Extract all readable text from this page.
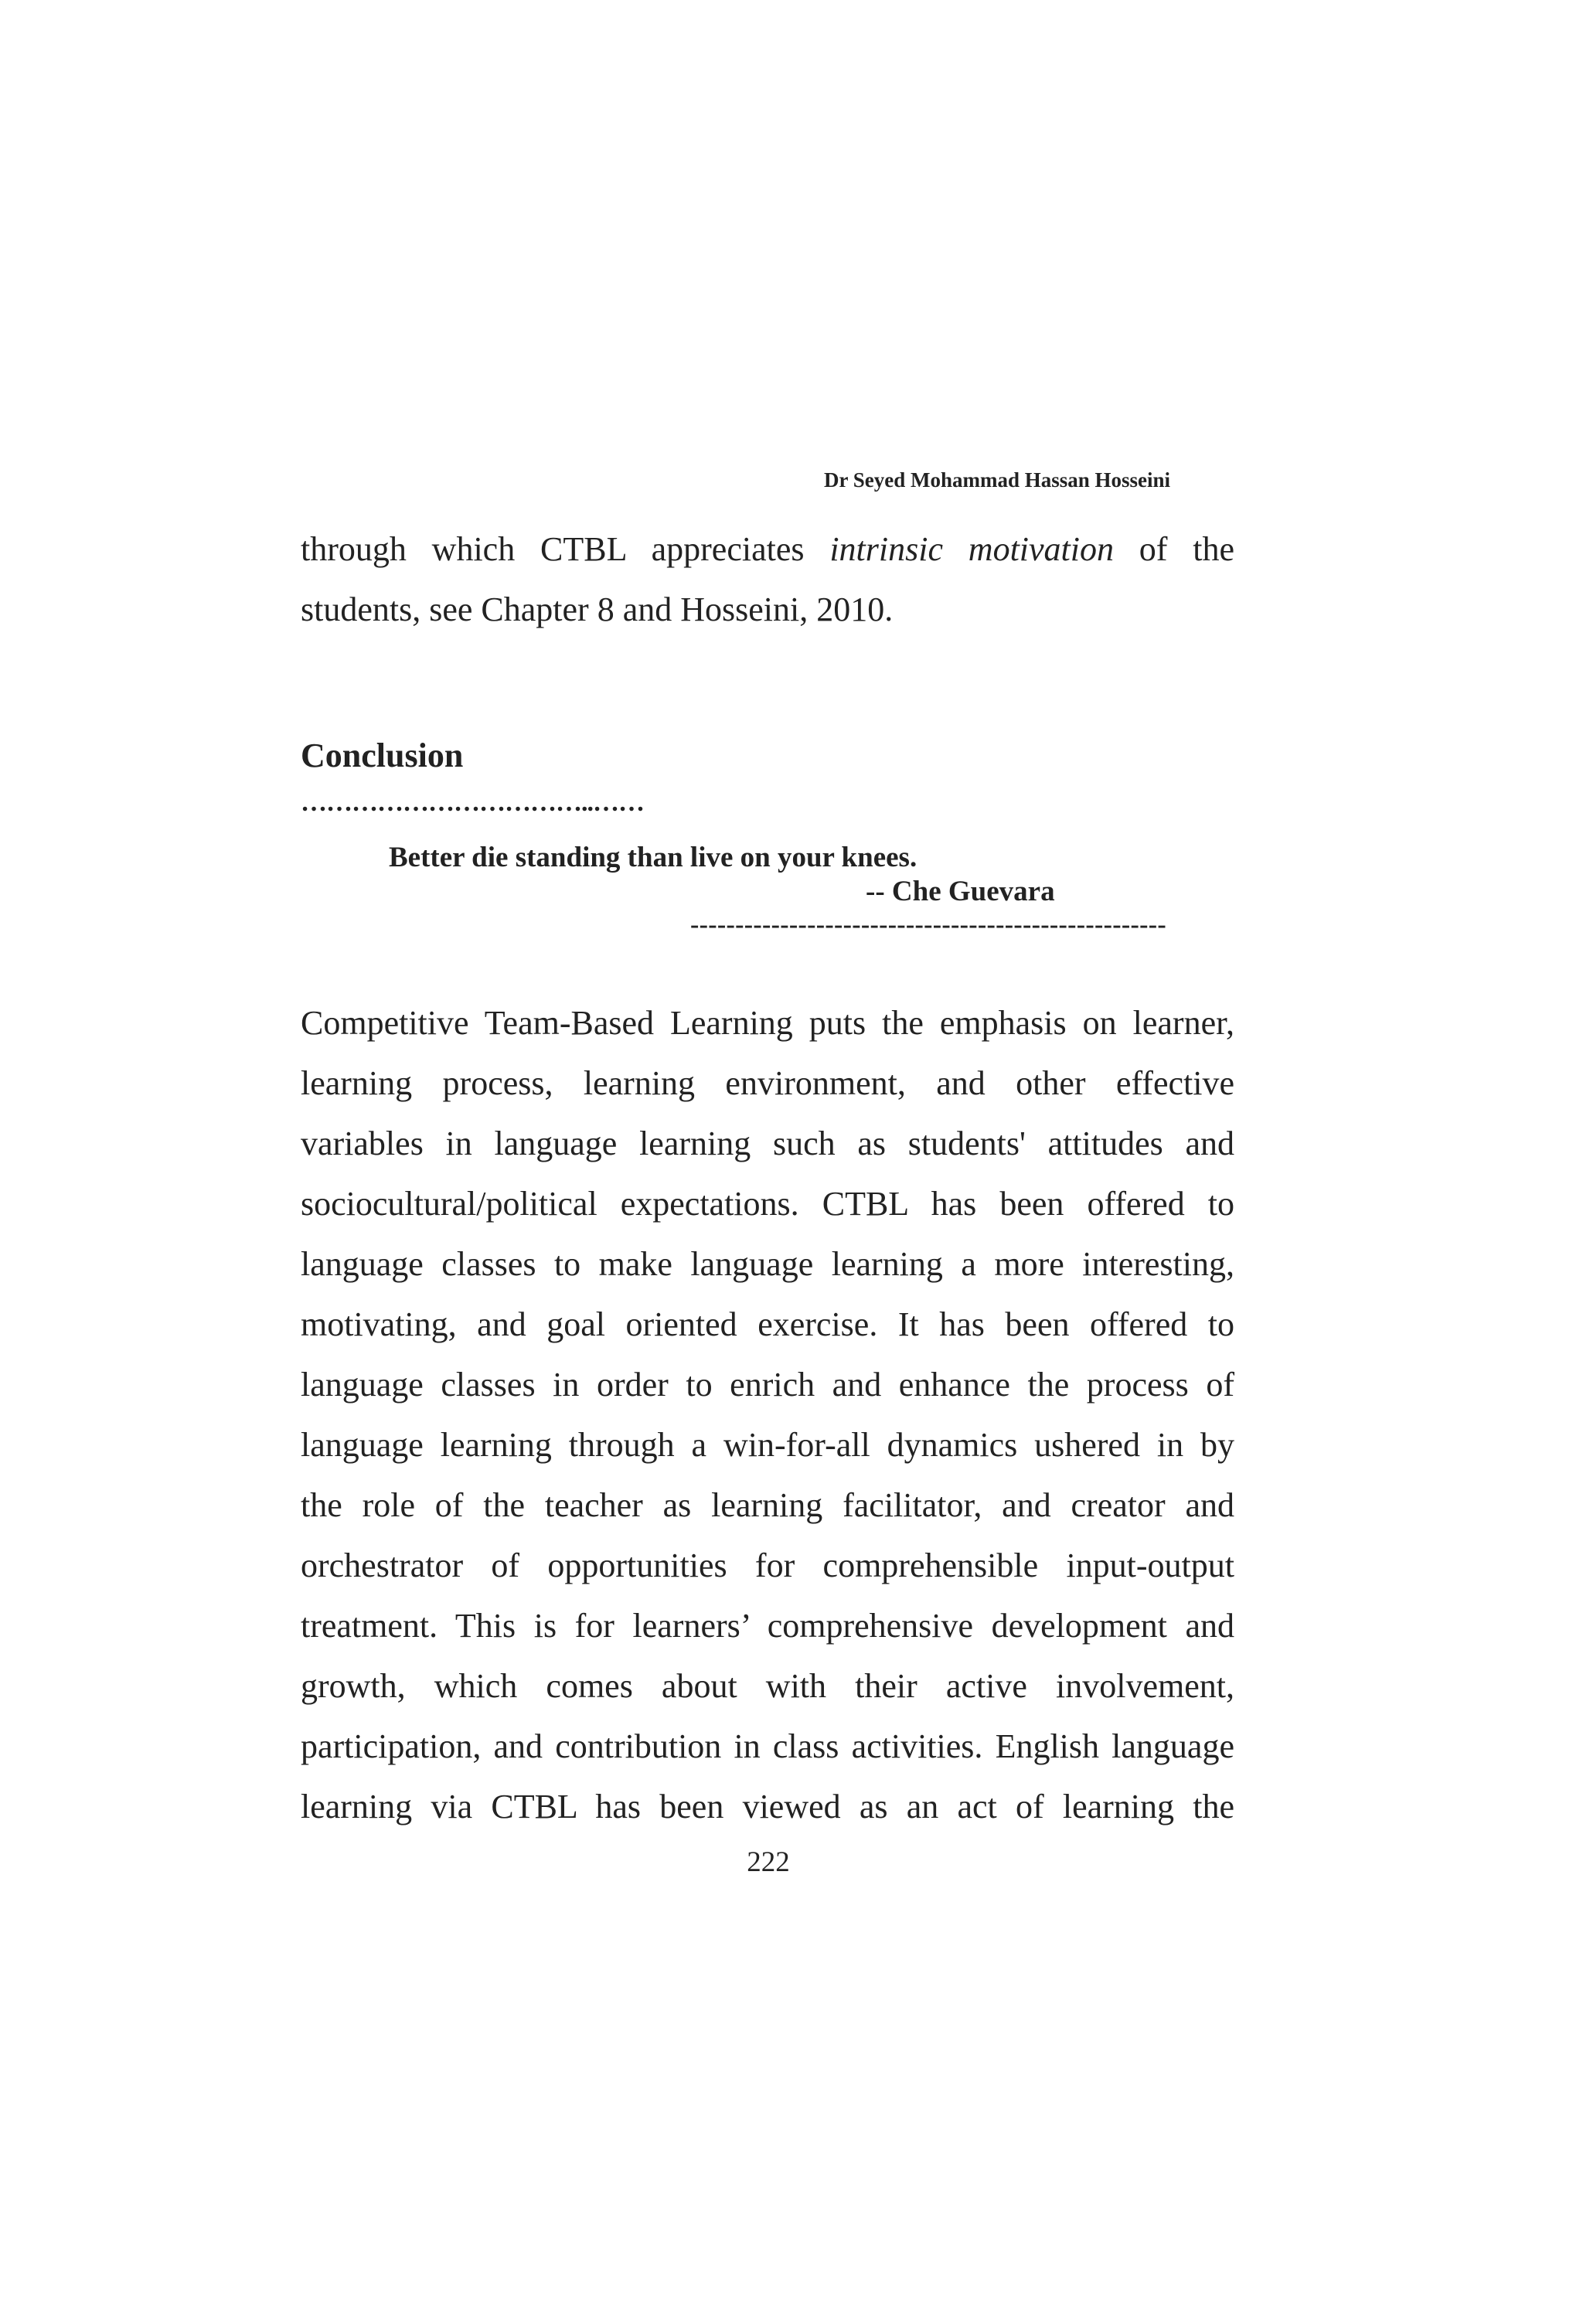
Dr Seyed Mohammad Hassan Hosseini
through which CTBL appreciates intrinsic motivation of the
students, see Chapter 8 and Hosseini, 2010.
Conclusion
……………………………..……
Better die standing than live on your knees.
-- Che Guevara
-----------------------------------------------------
Competitive Team-Based Learning puts the emphasis on learner,
learning process, learning environment, and other effective
variables in language learning such as students' attitudes and
sociocultural/political expectations. CTBL has been offered to
language classes to make language learning a more interesting,
motivating, and goal oriented exercise. It has been offered to
language classes in order to enrich and enhance the process of
language learning through a win-for-all dynamics ushered in by
the role of the teacher as learning facilitator, and creator and
orchestrator of opportunities for comprehensible input-output
treatment. This is for learners’ comprehensive development and
growth, which comes about with their active involvement,
participation, and contribution in class activities. English language
learning via CTBL has been viewed as an act of learning the
222
